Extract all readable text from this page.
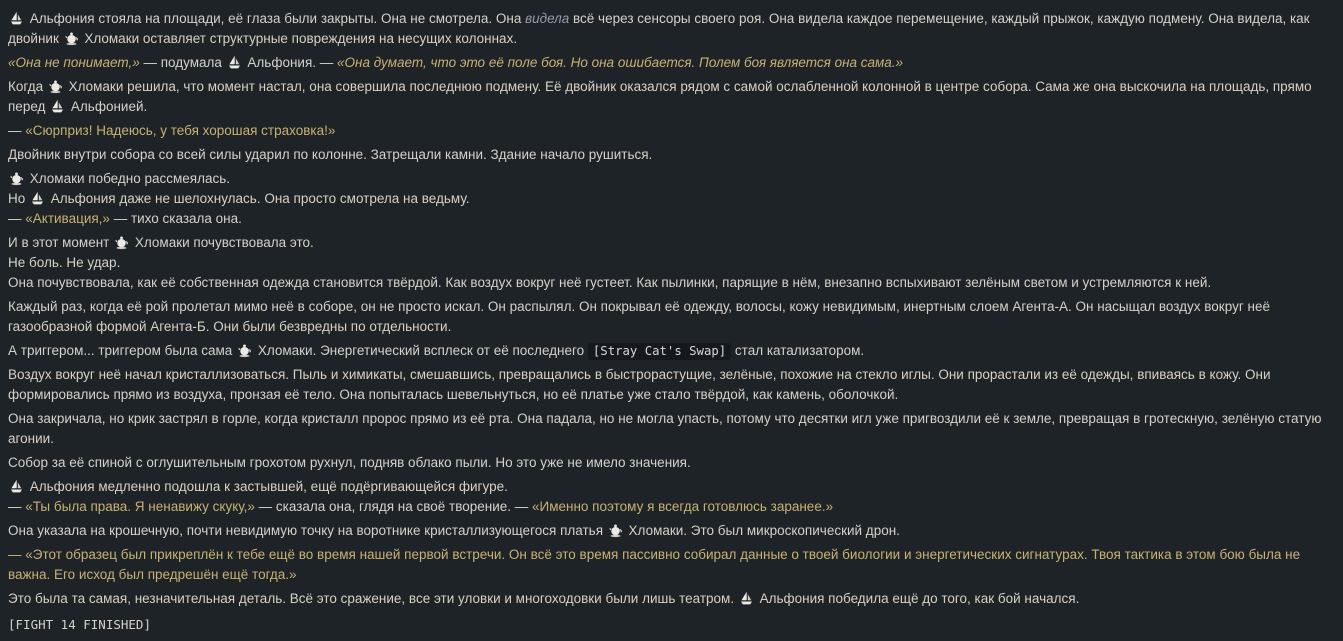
Альфония стояла на площади, её глаза были закрыты. Она не смотрела. Она видела всё через сенсоры своего роя. Она видела каждое перемещение, каждый прыжок, каждую подмену. Она видела, как двойник  Хломаки оставляет структурные повреждения на несущих колоннах.

«Она не понимает,» — подумала  Альфония. — «Она думает, что это её поле боя. Но она ошибается. Полем боя является она сама.»

Когда  Хломаки решила, что момент настал, она совершила последнюю подмену. Её двойник оказался рядом с самой ослабленной колонной в центре собора. Сама же она выскочила на площадь, прямо перед  Альфонией.

— «Сюрприз! Надеюсь, у тебя хорошая страховка!»

Двойник внутри собора со всей силы ударил по колонне. Затрещали камни. Здание начало рушиться.

Хломаки победно рассмеялась.
Но  Альфония даже не шелохнулась. Она просто смотрела на ведьму.
— «Активация,» — тихо сказала она.

И в этот момент  Хломаки почувствовала это.
Не боль. Не удар.
Она почувствовала, как её собственная одежда становится твёрдой. Как воздух вокруг неё густеет. Как пылинки, парящие в нём, внезапно вспыхивают зелёным светом и устремляются к ней.

Каждый раз, когда её рой пролетал мимо неё в соборе, он не просто искал. Он распылял. Он покрывал её одежду, волосы, кожу невидимым, инертным слоем Агента-А. Он насыщал воздух вокруг неё газообразной формой Агента-Б. Они были безвредны по отдельности.

А триггером... триггером была сама  Хломаки. Энергетический всплеск от её последнего [Stray Cat's Swap] стал катализатором.

Воздух вокруг неё начал кристаллизоваться. Пыль и химикаты, смешавшись, превращались в быстрорастущие, зелёные, похожие на стекло иглы. Они прорастали из её одежды, впиваясь в кожу. Они формировались прямо из воздуха, пронзая её тело. Она попыталась шевельнуться, но её платье уже стало твёрдой, как камень, оболочкой.

Она закричала, но крик застрял в горле, когда кристалл пророс прямо из её рта. Она падала, но не могла упасть, потому что десятки игл уже пригвоздили её к земле, превращая в гротескную, зелёную статую агонии.

Собор за её спиной с оглушительным грохотом рухнул, подняв облако пыли. Но это уже не имело значения.

Альфония медленно подошла к застывшей, ещё подёргивающейся фигуре.
— «Ты была права. Я ненавижу скуку,» — сказала она, глядя на своё творение. — «Именно поэтому я всегда готовлюсь заранее.»

Она указала на крошечную, почти невидимую точку на воротнике кристаллизующегося платья  Хломаки. Это был микроскопический дрон.

— «Этот образец был прикреплён к тебе ещё во время нашей первой встречи. Он всё это время пассивно собирал данные о твоей биологии и энергетических сигнатурах. Твоя тактика в этом бою была не важна. Его исход был предрешён ещё тогда.»

Это была та самая, незначительная деталь. Всё это сражение, все эти уловки и многоходовки были лишь театром.  Альфония победила ещё до того, как бой начался.

[FIGHT 14 FINISHED]
